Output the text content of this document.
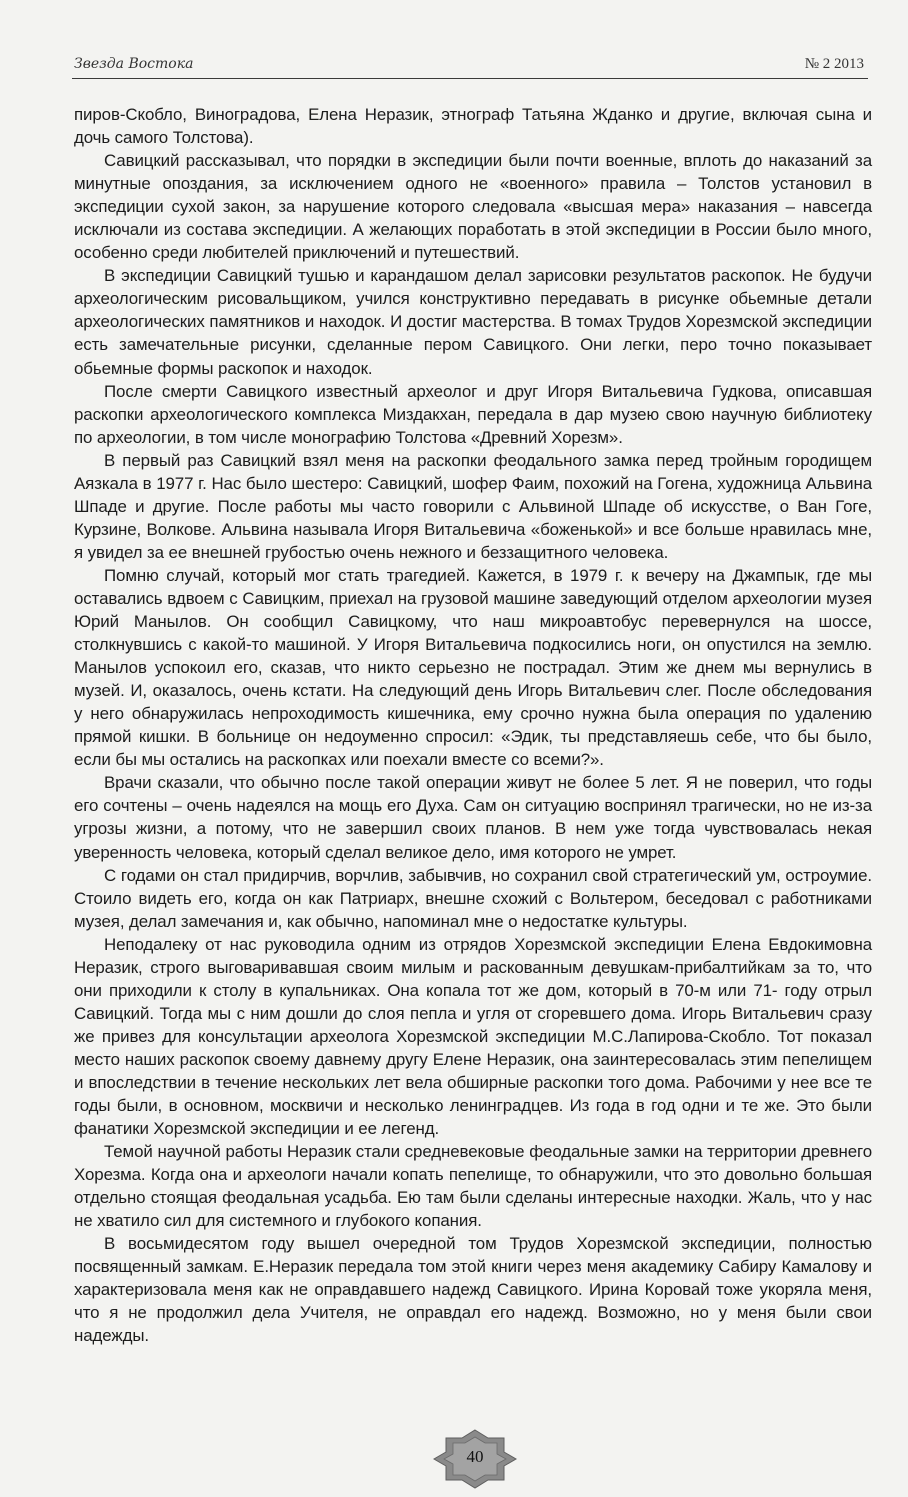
Звезда Востока	№ 2 2013

пиров-Скобло, Виноградова, Елена Неразик, этнограф Татьяна Жданко и другие, включая сына и дочь самого Толстова).

Савицкий рассказывал, что порядки в экспедиции были почти военные, вплоть до наказаний за минутные опоздания, за исключением одного не «военного» правила – Толстов установил в экспедиции сухой закон, за нарушение которого следовала «высшая мера» наказания – навсегда исключали из состава экспедиции. А желающих поработать в этой экспедиции в России было много, особенно среди любителей приключений и путешествий.

В экспедиции Савицкий тушью и карандашом делал зарисовки результатов раскопок. Не будучи археологическим рисовальщиком, учился конструктивно передавать в рисунке обьемные детали археологических памятников и находок. И достиг мастерства. В томах Трудов Хорезмской экспедиции есть замечательные рисунки, сделанные пером Савицкого. Они легки, перо точно показывает обьемные формы раскопок и находок.

После смерти Савицкого известный археолог и друг Игоря Витальевича Гудкова, описавшая раскопки археологического комплекса Миздакхан, передала в дар музею свою научную библиотеку по археологии, в том числе монографию Толстова «Древний Хорезм».

В первый раз Савицкий взял меня на раскопки феодального замка перед тройным городищем Аязкала в 1977 г. Нас было шестеро: Савицкий, шофер Фаим, похожий на Гогена, художница Альвина Шпаде и другие. После работы мы часто говорили с Альвиной Шпаде об искусстве, о Ван Гоге, Курзине, Волкове. Альвина называла Игоря Витальевича «боженькой» и все больше нравилась мне, я увидел за ее внешней грубостью очень нежного и беззащитного человека.

Помню случай, который мог стать трагедией. Кажется, в 1979 г. к вечеру на Джампык, где мы оставались вдвоем с Савицким, приехал на грузовой машине заведующий отделом археологии музея Юрий Манылов. Он сообщил Савицкому, что наш микроавтобус перевернулся на шоссе, столкнувшись с какой-то машиной. У Игоря Витальевича подкосились ноги, он опустился на землю. Манылов успокоил его, сказав, что никто серьезно не пострадал. Этим же днем мы вернулись в музей. И, оказалось, очень кстати. На следующий день Игорь Витальевич слег. После обследования у него обнаружилась непроходимость кишечника, ему срочно нужна была операция по удалению прямой кишки. В больнице он недоуменно спросил: «Эдик, ты представляешь себе, что бы было, если бы мы остались на раскопках или поехали вместе со всеми?».

Врачи сказали, что обычно после такой операции живут не более 5 лет. Я не поверил, что годы его сочтены – очень надеялся на мощь его Духа. Сам он ситуацию воспринял трагически, но не из-за угрозы жизни, а потому, что не завершил своих планов. В нем уже тогда чувствовалась некая уверенность человека, который сделал великое дело, имя которого не умрет.

С годами он стал придирчив, ворчлив, забывчив, но сохранил свой стратегический ум, остроумие. Стоило видеть его, когда он как Патриарх, внешне схожий с Вольтером, беседовал с работниками музея, делал замечания и, как обычно, напоминал мне о недостатке культуры.

Неподалеку от нас руководила одним из отрядов Хорезмской экспедиции Елена Евдокимовна Неразик, строго выговаривавшая своим милым и раскованным девушкам-прибалтийкам за то, что они приходили к столу в купальниках. Она копала тот же дом, который в 70-м или 71- году отрыл Савицкий. Тогда мы с ним дошли до слоя пепла и угля от сгоревшего дома. Игорь Витальевич сразу же привез для консультации археолога Хорезмской экспедиции М.С.Лапирова-Скобло. Тот показал место наших раскопок своему давнему другу Елене Неразик, она заинтересовалась этим пепелищем и впоследствии в течение нескольких лет вела обширные раскопки того дома. Рабочими у нее все те годы были, в основном, москвичи и несколько ленинградцев. Из года в год одни и те же. Это были фанатики Хорезмской экспедиции и ее легенд.

Темой научной работы Неразик стали средневековые феодальные замки на территории древнего Хорезма. Когда она и археологи начали копать пепелище, то обнаружили, что это довольно большая отдельно стоящая феодальная усадьба. Ею там были сделаны интересные находки. Жаль, что у нас не хватило сил для системного и глубокого копания.

В восьмидесятом году вышел очередной том Трудов Хорезмской экспедиции, полностью посвященный замкам. Е.Неразик передала том этой книги через меня академику Сабиру Камалову и характеризовала меня как не оправдавшего надежд Савицкого. Ирина Коровай тоже укоряла меня, что я не продолжил дела Учителя, не оправдал его надежд. Возможно, но у меня были свои надежды.

40
